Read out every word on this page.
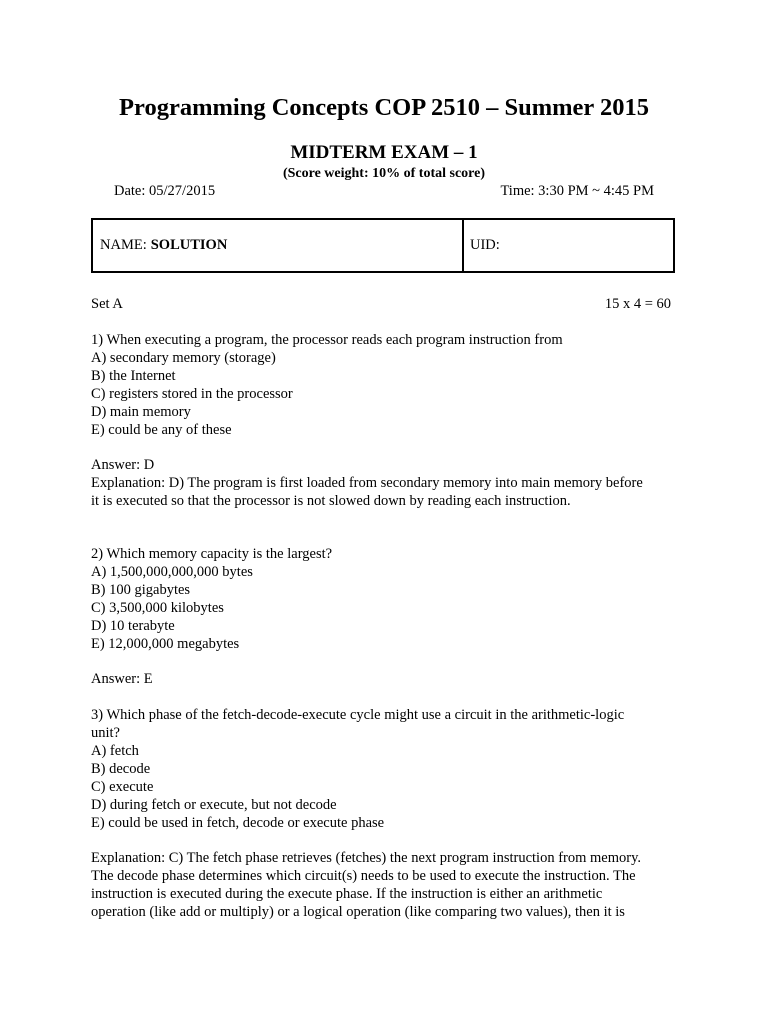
Programming Concepts COP 2510 – Summer 2015
MIDTERM EXAM – 1
(Score weight: 10% of total score)
Date: 05/27/2015	Time: 3:30 PM ~ 4:45 PM
NAME: SOLUTION	UID:
Set A	15 x 4 = 60
1) When executing a program, the processor reads each program instruction from
A) secondary memory (storage)
B) the Internet
C) registers stored in the processor
D) main memory
E) could be any of these
Answer: D
Explanation: D) The program is first loaded from secondary memory into main memory before
it is executed so that the processor is not slowed down by reading each instruction.
2) Which memory capacity is the largest?
A) 1,500,000,000,000 bytes
B) 100 gigabytes
C) 3,500,000 kilobytes
D) 10 terabyte
E) 12,000,000 megabytes
Answer: E
3) Which phase of the fetch-decode-execute cycle might use a circuit in the arithmetic-logic
unit?
A) fetch
B) decode
C) execute
D) during fetch or execute, but not decode
E) could be used in fetch, decode or execute phase
Explanation: C) The fetch phase retrieves (fetches) the next program instruction from memory.
The decode phase determines which circuit(s) needs to be used to execute the instruction. The
instruction is executed during the execute phase. If the instruction is either an arithmetic
operation (like add or multiply) or a logical operation (like comparing two values), then it is
